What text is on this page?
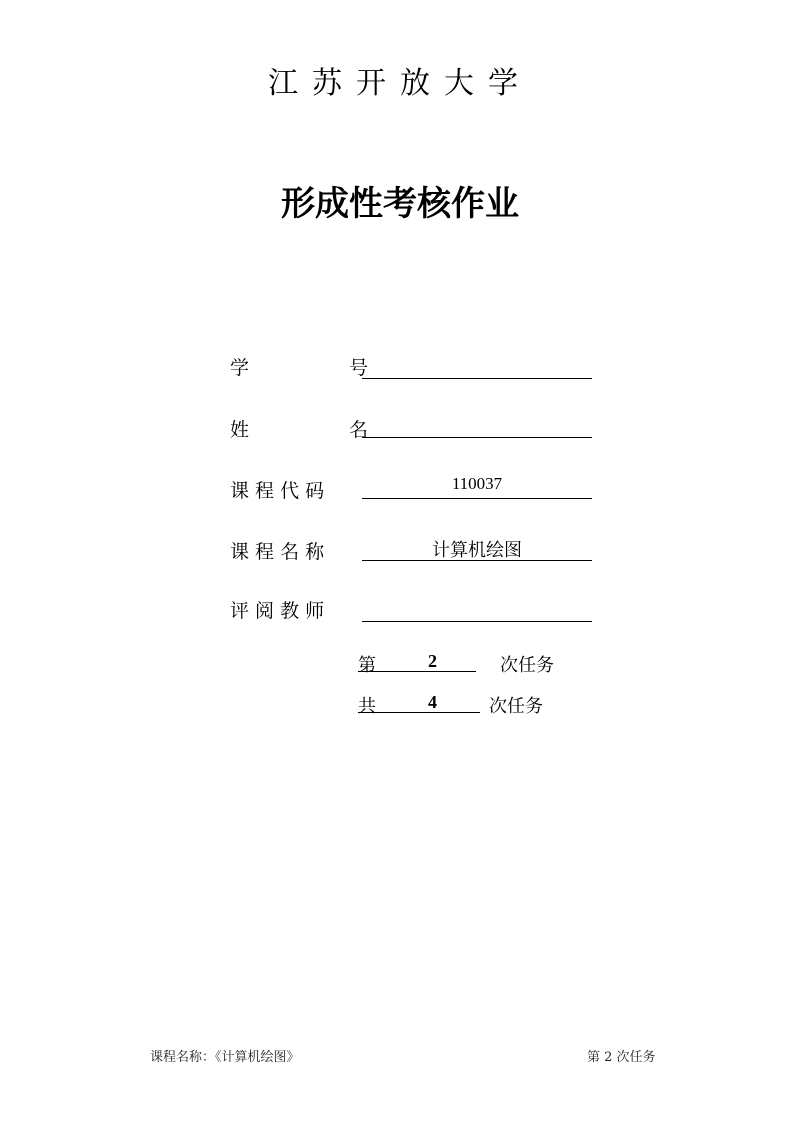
江苏开放大学
形成性考核作业
学	号
姓	名
课 程 代 码	110037
课 程 名 称	计算机绘图
评 阅 教 师
第	2	次任务
共	4	次任务
课程名称：《计算机绘图》	第 2 次任务
